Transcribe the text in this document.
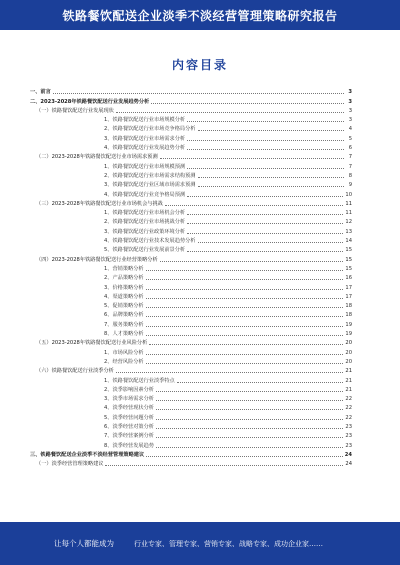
铁路餐饮配送企业淡季不淡经营管理策略研究报告
内容目录
一、前言	3
二、2023-2028年铁路餐饮配送行业发展趋势分析	3
（一）铁路餐饮配送行业发展现状	3
1、铁路餐饮配送行业市场规模分析	3
2、铁路餐饮配送行业市场竞争格局分析	4
3、铁路餐饮配送行业市场需求分析	5
4、铁路餐饮配送行业发展趋势分析	6
（二）2023-2028年铁路餐饮配送行业市场需求预测	7
1、铁路餐饮配送行业市场规模预测	7
2、铁路餐饮配送行业市场需求结构预测	8
3、铁路餐饮配送行业区域市场需求预测	9
4、铁路餐饮配送行业竞争格局预测	10
（三）2023-2028年铁路餐饮配送行业市场机会与挑战	11
1、铁路餐饮配送行业市场机会分析	11
2、铁路餐饮配送行业市场挑战分析	12
3、铁路餐饮配送行业政策环境分析	13
4、铁路餐饮配送行业技术发展趋势分析	14
5、铁路餐饮配送行业发展前景分析	15
（四）2023-2028年铁路餐饮配送行业经营策略分析	15
1、营销策略分析	15
2、产品策略分析	16
3、价格策略分析	17
4、渠道策略分析	17
5、促销策略分析	18
6、品牌策略分析	18
7、服务策略分析	19
8、人才策略分析	19
（五）2023-2028年铁路餐饮配送行业风险分析	20
1、市场风险分析	20
2、经营风险分析	20
（六）铁路餐饮配送行业淡季分析	21
1、铁路餐饮配送行业淡季特点	21
2、淡季影响因素分析	21
3、淡季市场需求分析	22
4、淡季经营现状分析	22
5、淡季经营问题分析	22
6、淡季经营对策分析	23
7、淡季经营案例分析	23
8、淡季经营发展趋势	23
三、铁路餐饮配送企业淡季不淡经营管理策略建议	24
（一）淡季经营管理策略建议	24
让每个人都能成为	行业专家、管理专家、营销专家、战略专家、成功企业家……
